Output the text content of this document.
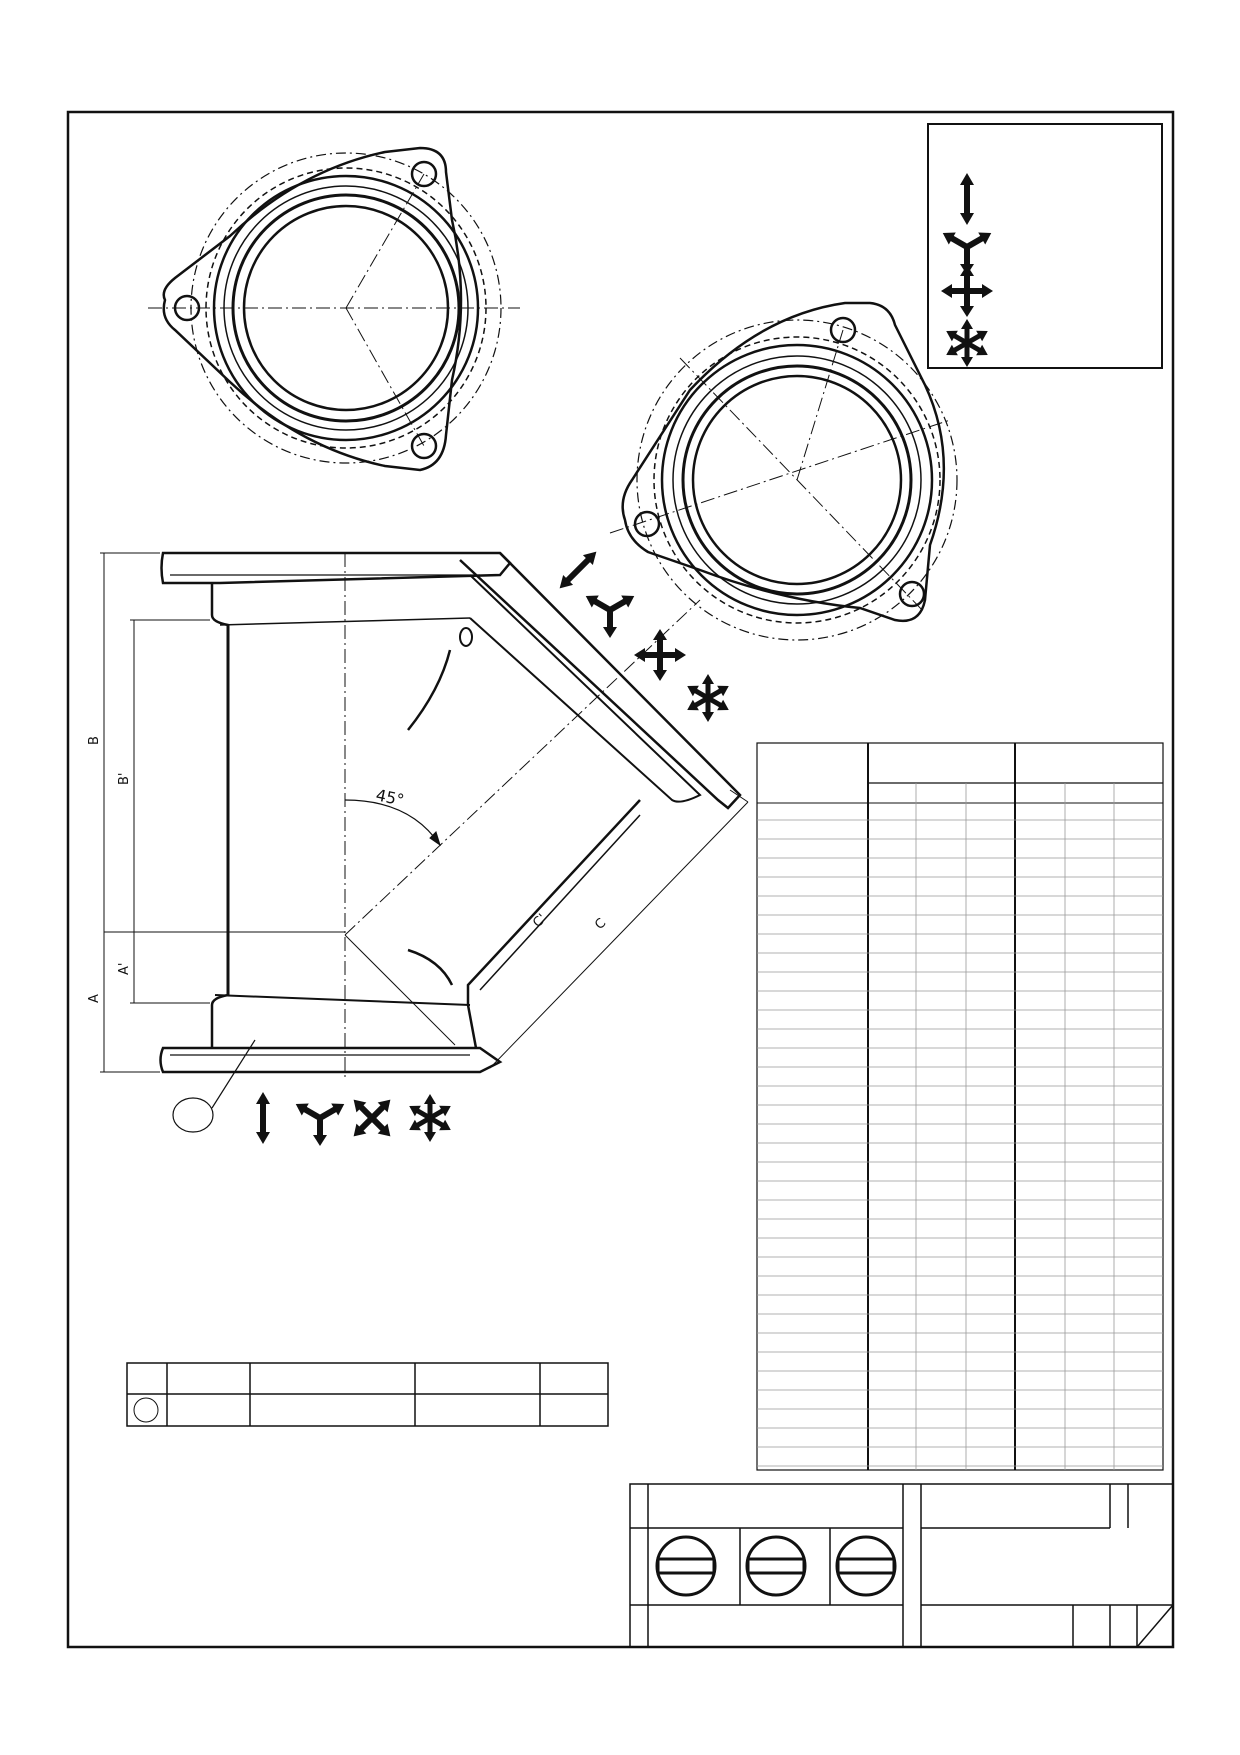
B
B'
A'
A
C'	C
45°
